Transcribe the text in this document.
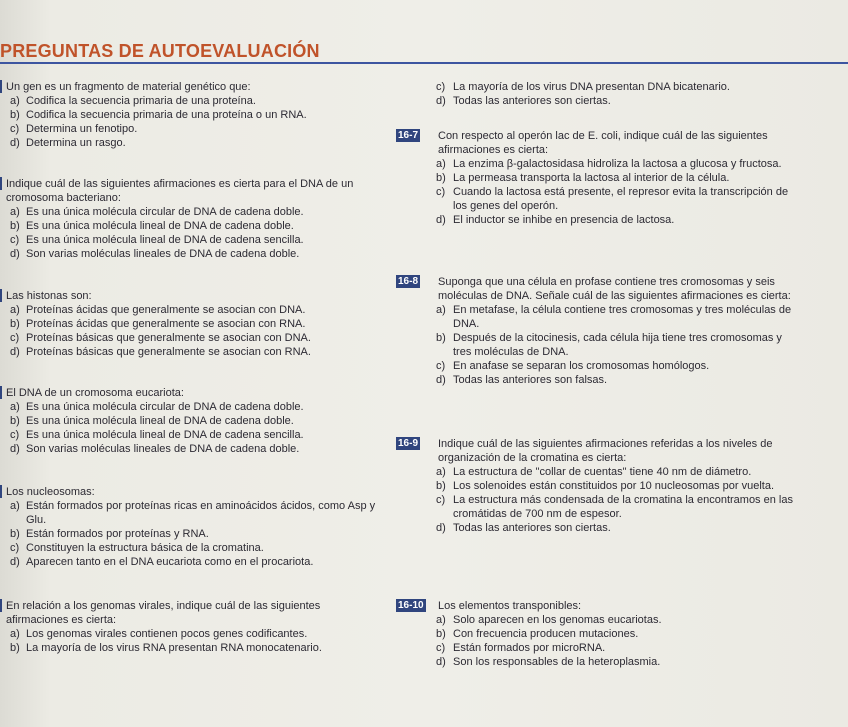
PREGUNTAS DE AUTOEVALUACIÓN
Un gen es un fragmento de material genético que:
a) Codifica la secuencia primaria de una proteína.
b) Codifica la secuencia primaria de una proteína o un RNA.
c) Determina un fenotipo.
d) Determina un rasgo.
Indique cuál de las siguientes afirmaciones es cierta para el DNA de un cromosoma bacteriano:
a) Es una única molécula circular de DNA de cadena doble.
b) Es una única molécula lineal de DNA de cadena doble.
c) Es una única molécula lineal de DNA de cadena sencilla.
d) Son varias moléculas lineales de DNA de cadena doble.
Las histonas son:
a) Proteínas ácidas que generalmente se asocian con DNA.
b) Proteínas ácidas que generalmente se asocian con RNA.
c) Proteínas básicas que generalmente se asocian con DNA.
d) Proteínas básicas que generalmente se asocian con RNA.
El DNA de un cromosoma eucariota:
a) Es una única molécula circular de DNA de cadena doble.
b) Es una única molécula lineal de DNA de cadena doble.
c) Es una única molécula lineal de DNA de cadena sencilla.
d) Son varias moléculas lineales de DNA de cadena doble.
Los nucleosomas:
a) Están formados por proteínas ricas en aminoácidos ácidos, como Asp y Glu.
b) Están formados por proteínas y RNA.
c) Constituyen la estructura básica de la cromatina.
d) Aparecen tanto en el DNA eucariota como en el procariota.
En relación a los genomas virales, indique cuál de las siguientes afirmaciones es cierta:
a) Los genomas virales contienen pocos genes codificantes.
b) La mayoría de los virus RNA presentan RNA monocatenario.
c) La mayoría de los virus DNA presentan DNA bicatenario.
d) Todas las anteriores son ciertas.
16-7 Con respecto al operón lac de E. coli, indique cuál de las siguientes afirmaciones es cierta:
a) La enzima β-galactosidasa hidroliza la lactosa a glucosa y fructosa.
b) La permeasa transporta la lactosa al interior de la célula.
c) Cuando la lactosa está presente, el represor evita la transcripción de los genes del operón.
d) El inductor se inhibe en presencia de lactosa.
16-8 Suponga que una célula en profase contiene tres cromosomas y seis moléculas de DNA. Señale cuál de las siguientes afirmaciones es cierta:
a) En metafase, la célula contiene tres cromosomas y tres moléculas de DNA.
b) Después de la citocinesis, cada célula hija tiene tres cromosomas y tres moléculas de DNA.
c) En anafase se separan los cromosomas homólogos.
d) Todas las anteriores son falsas.
16-9 Indique cuál de las siguientes afirmaciones referidas a los niveles de organización de la cromatina es cierta:
a) La estructura de "collar de cuentas" tiene 40 nm de diámetro.
b) Los solenoides están constituidos por 10 nucleosomas por vuelta.
c) La estructura más condensada de la cromatina la encontramos en las cromátidas de 700 nm de espesor.
d) Todas las anteriores son ciertas.
16-10 Los elementos transponibles:
a) Solo aparecen en los genomas eucariotas.
b) Con frecuencia producen mutaciones.
c) Están formados por microRNA.
d) Son los responsables de la heteroplasmia.
